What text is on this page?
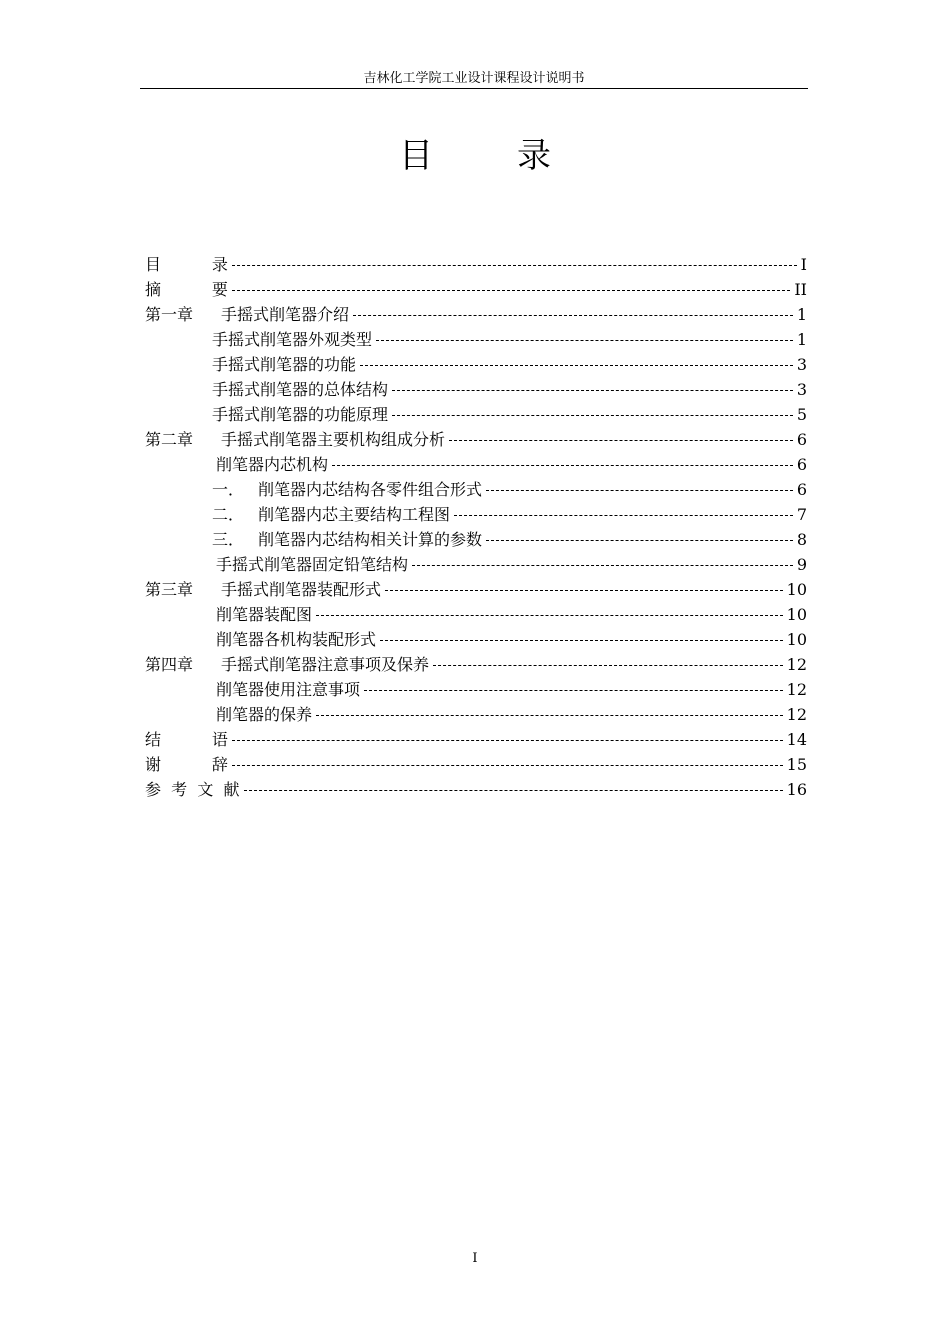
吉林化工学院工业设计课程设计说明书
目 录
目          录	I
摘          要	II
第一章	手摇式削笔器介绍	1
手摇式削笔器外观类型	1
手摇式削笔器的功能	3
手摇式削笔器的总体结构	3
手摇式削笔器的功能原理	5
第二章	手摇式削笔器主要机构组成分析	6
削笔器内芯机构	6
一． 削笔器内芯结构各零件组合形式	6
二． 削笔器内芯主要结构工程图	7
三． 削笔器内芯结构相关计算的参数	8
手摇式削笔器固定铅笔结构	9
第三章	手摇式削笔器装配形式	10
削笔器装配图	10
削笔器各机构装配形式	10
第四章	手摇式削笔器注意事项及保养	12
削笔器使用注意事项	12
削笔器的保养	12
结          语	14
谢          辞	15
参  考  文  献	16
I
